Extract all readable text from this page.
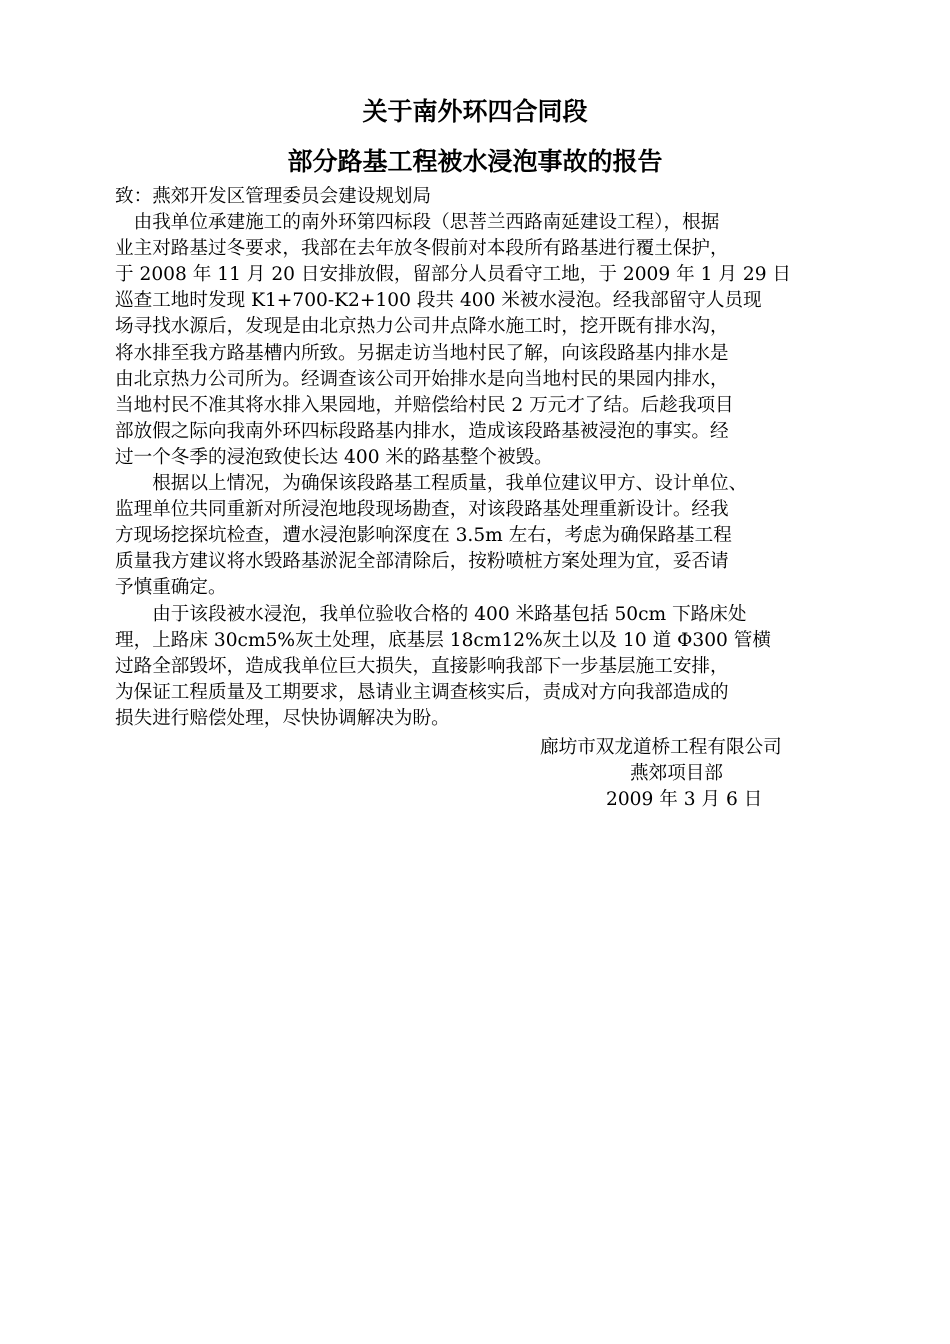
关于南外环四合同段
部分路基工程被水浸泡事故的报告
致：燕郊开发区管理委员会建设规划局
　由我单位承建施工的南外环第四标段（思菩兰西路南延建设工程），根据
业主对路基过冬要求，我部在去年放冬假前对本段所有路基进行覆土保护，
于 2008 年 11 月 20 日安排放假，留部分人员看守工地，于 2009 年 1 月 29 日
巡查工地时发现 K1+700-K2+100 段共 400 米被水浸泡。经我部留守人员现
场寻找水源后，发现是由北京热力公司井点降水施工时，挖开既有排水沟，
将水排至我方路基槽内所致。另据走访当地村民了解，向该段路基内排水是
由北京热力公司所为。经调查该公司开始排水是向当地村民的果园内排水，
当地村民不准其将水排入果园地，并赔偿给村民 2 万元才了结。后趁我项目
部放假之际向我南外环四标段路基内排水，造成该段路基被浸泡的事实。经
过一个冬季的浸泡致使长达 400 米的路基整个被毁。
　　根据以上情况，为确保该段路基工程质量，我单位建议甲方、设计单位、
监理单位共同重新对所浸泡地段现场勘查，对该段路基处理重新设计。经我
方现场挖探坑检查，遭水浸泡影响深度在 3.5m 左右，考虑为确保路基工程
质量我方建议将水毁路基淤泥全部清除后，按粉喷桩方案处理为宜，妥否请
予慎重确定。
　　由于该段被水浸泡，我单位验收合格的 400 米路基包括 50cm 下路床处
理，上路床 30cm5%灰土处理，底基层 18cm12%灰土以及 10 道 Φ300 管横
过路全部毁坏，造成我单位巨大损失，直接影响我部下一步基层施工安排，
为保证工程质量及工期要求，恳请业主调查核实后，责成对方向我部造成的
损失进行赔偿处理，尽快协调解决为盼。
廊坊市双龙道桥工程有限公司
燕郊项目部
2009 年 3 月 6 日
